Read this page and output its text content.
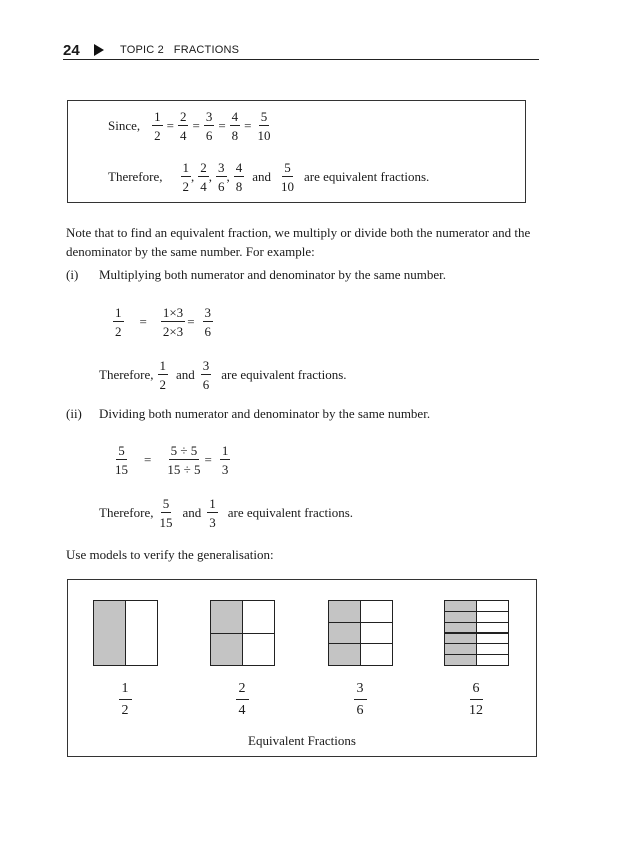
24	TOPIC 2 FRACTIONS
Since, $\frac{1}{2} = \frac{2}{4} = \frac{3}{6} = \frac{4}{8} = \frac{5}{10}$
Therefore, $\frac{1}{2}$ , $\frac{2}{4}$ , $\frac{3}{6}$ , $\frac{4}{8}$ and $\frac{5}{10}$ are equivalent fractions.
Note that to find an equivalent fraction, we multiply or divide both the numerator and the denominator by the same number. For example:
(i) Multiplying both numerator and denominator by the same number.
$\frac{1}{2} = \frac{1\times 3}{2\times 3} = \frac{3}{6}$
Therefore, $\frac{1}{2}$ and $\frac{3}{6}$ are equivalent fractions.
(ii) Dividing both numerator and denominator by the same number.
$\frac{5}{15} = \frac{5 \div 5}{15 \div 5} = \frac{1}{3}$
Therefore, $\frac{5}{15}$ and $\frac{1}{3}$ are equivalent fractions.
Use models to verify the generalisation:
$\frac{1}{2}$	$\frac{2}{4}$	$\frac{3}{6}$	$\frac{6}{12}$
Equivalent Fractions
